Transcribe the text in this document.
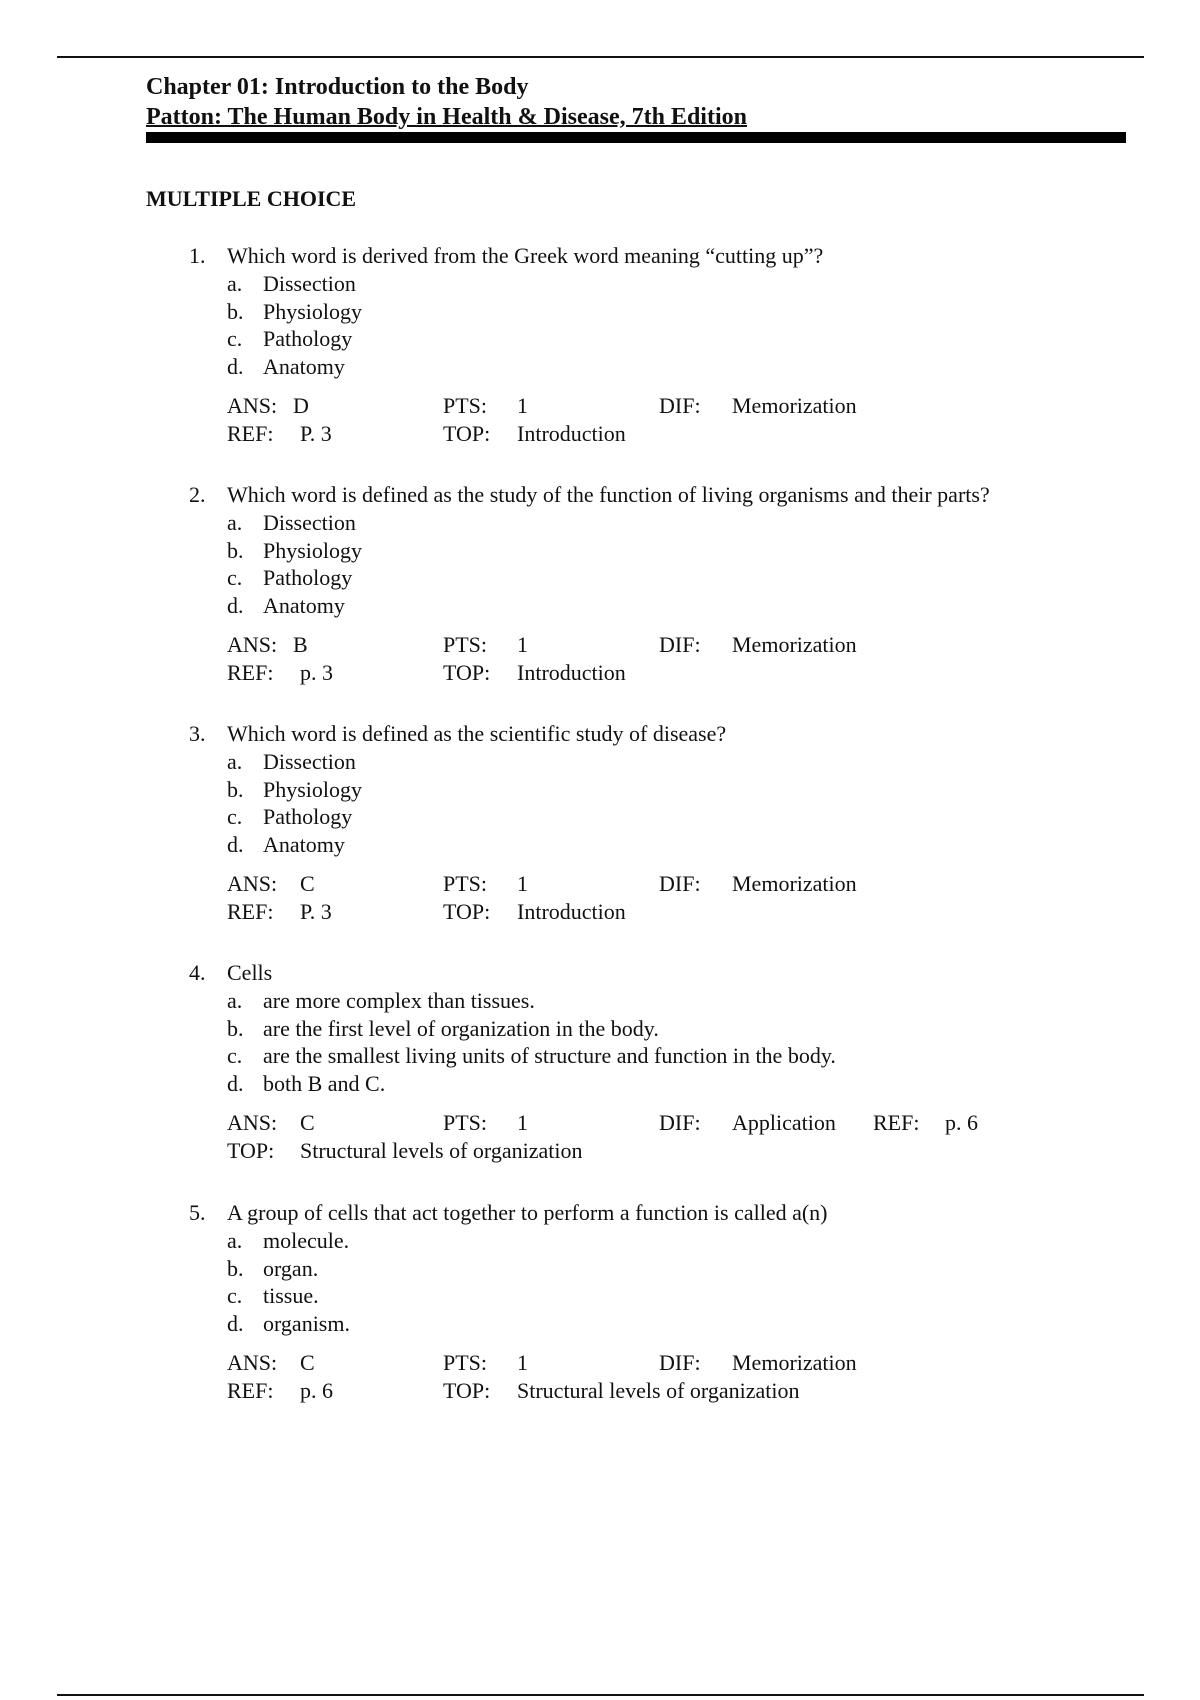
Chapter 01: Introduction to the Body
Patton: The Human Body in Health & Disease, 7th Edition
MULTIPLE CHOICE
1. Which word is derived from the Greek word meaning “cutting up”?
a. Dissection
b. Physiology
c. Pathology
d. Anatomy
ANS: D	PTS: 1	DIF: Memorization
REF: P. 3	TOP: Introduction
2. Which word is defined as the study of the function of living organisms and their parts?
a. Dissection
b. Physiology
c. Pathology
d. Anatomy
ANS: B	PTS: 1	DIF: Memorization
REF: p. 3	TOP: Introduction
3. Which word is defined as the scientific study of disease?
a. Dissection
b. Physiology
c. Pathology
d. Anatomy
ANS: C	PTS: 1	DIF: Memorization
REF: P. 3	TOP: Introduction
4. Cells
a. are more complex than tissues.
b. are the first level of organization in the body.
c. are the smallest living units of structure and function in the body.
d. both B and C.
ANS: C	PTS: 1	DIF: Application REF: p. 6
TOP: Structural levels of organization
5. A group of cells that act together to perform a function is called a(n)
a. molecule.
b. organ.
c. tissue.
d. organism.
ANS: C	PTS: 1	DIF: Memorization
REF: p. 6	TOP: Structural levels of organization
